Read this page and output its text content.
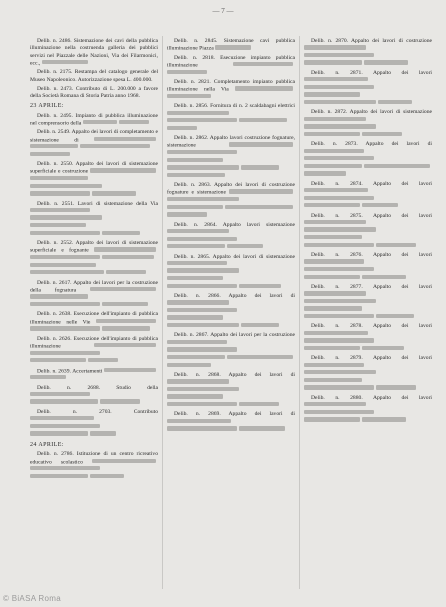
— 7 —

Delib. n. 2486. Sistemazione dei cavi della pubblica illuminazione nella costruenda galleria dei pubblici servizi nel Piazzale delle Nazioni, Via dei Filarmonici, ecc.,

Delib. n. 2175. Restampa del catalogo generale del Museo Napoleonico. Autorizzazione spesa L. 400.000.

Delib. n. 2473. Contributo di L. 200.000 a favore della Società Romana di Storia Patria anno 1968.

23 APRILE:

Delib. n. 2495. Impianto di pubblica illuminazione nel comprensorio della

Delib. n. 2549. Appalto dei lavori di completamento e sistemazione di

Delib. n. 2550. Appalto dei lavori di sistemazione superficiale e costruzione

Delib. n. 2551. Lavori di sistemazione della Via

Delib. n. 2552. Appalto dei lavori di sistemazione superficiale e fognante

Delib. n. 2617. Appalto dei lavori per la costruzione della fognatura

Delib. n. 2638. Esecuzione dell'impianto di pubblica illuminazione nelle Vie

Delib. n. 2626. Esecuzione dell'impianto di pubblica illuminazione

Delib. n. 2639. Accertamenti

Delib. n. 2688. Studio della

Delib. n. 2703. Contributo

24 APRILE:

Delib. n. 2786. Istituzione di un centro ricreativo educativo scolastico

Delib. n. 2845. Sistemazione cavi pubblica illuminazione Piazza

Delib. n. 2818. Esecuzione impianto pubblica illuminazione

Delib. n. 2821. Completamento impianto pubblica illuminazione nella Via

Delib. n. 2856. Fornitura di n. 2 scaldabagni elettrici

Delib. n. 2862. Appalto lavori costruzione fognature, sistemazione

Delib. n. 2863. Appalto dei lavori di costruzione fognature e sistemazione

Delib. n. 2864. Appalto lavori sistemazione

Delib. n. 2865. Appalto dei lavori di sistemazione

Delib. n. 2866. Appalto dei lavori di

Delib. n. 2867. Appalto dei lavori per la costruzione

Delib. n. 2868. Appalto dei lavori di

Delib. n. 2869. Appalto dei lavori di

Delib. n. 2870. Appalto dei lavori di costruzione

Delib. n. 2871. Appalto dei lavori

Delib. n. 2872. Appalto dei lavori di sistemazione

Delib. n. 2873. Appalto dei lavori di

Delib. n. 2874. Appalto dei lavori

Delib. n. 2875. Appalto dei lavori

Delib. n. 2876. Appalto dei lavori

Delib. n. 2877. Appalto dei lavori

Delib. n. 2878. Appalto dei lavori

Delib. n. 2879. Appalto dei lavori

Delib. n. 2880. Appalto dei lavori

© BiASA Roma
